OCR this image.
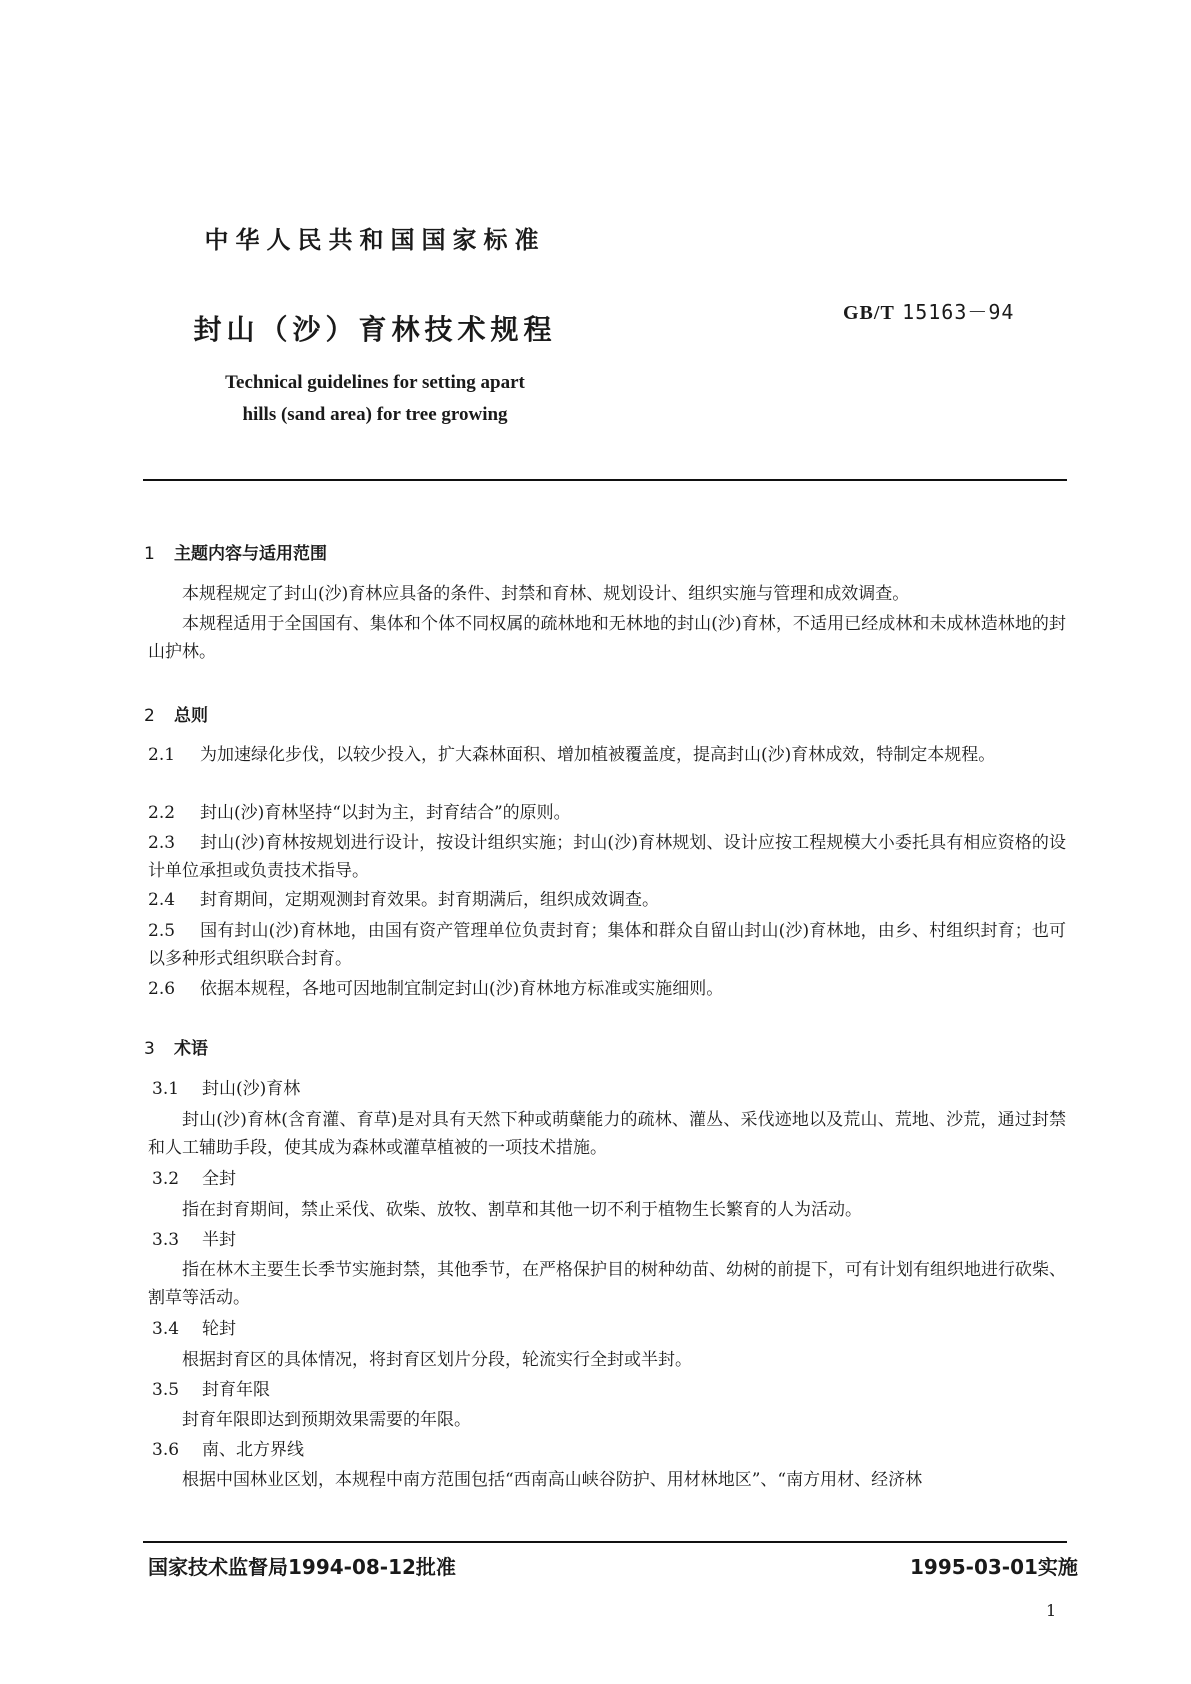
中华人民共和国国家标准
GB/T 15163－94
封山（沙）育林技术规程
Technical guidelines for setting apart
hills (sand area) for tree growing
1 主题内容与适用范围

本规程规定了封山(沙)育林应具备的条件、封禁和育林、规划设计、组织实施与管理和成效调查。

本规程适用于全国国有、集体和个体不同权属的疏林地和无林地的封山(沙)育林，不适用已经成林和未成林造林地的封山护林。

2 总则

2.1 为加速绿化步伐，以较少投入，扩大森林面积、增加植被覆盖度，提高封山(沙)育林成效，特制定本规程。

2.2 封山(沙)育林坚持“以封为主，封育结合”的原则。

2.3 封山(沙)育林按规划进行设计，按设计组织实施；封山(沙)育林规划、设计应按工程规模大小委托具有相应资格的设计单位承担或负责技术指导。

2.4 封育期间，定期观测封育效果。封育期满后，组织成效调查。

2.5 国有封山(沙)育林地，由国有资产管理单位负责封育；集体和群众自留山封山(沙)育林地，由乡、村组织封育；也可以多种形式组织联合封育。

2.6 依据本规程，各地可因地制宜制定封山(沙)育林地方标准或实施细则。

3 术语

3.1 封山(沙)育林

封山(沙)育林(含育灌、育草)是对具有天然下种或萌蘖能力的疏林、灌丛、采伐迹地以及荒山、荒地、沙荒，通过封禁和人工辅助手段，使其成为森林或灌草植被的一项技术措施。

3.2 全封

指在封育期间，禁止采伐、砍柴、放牧、割草和其他一切不利于植物生长繁育的人为活动。

3.3 半封

指在林木主要生长季节实施封禁，其他季节，在严格保护目的树种幼苗、幼树的前提下，可有计划有组织地进行砍柴、割草等活动。

3.4 轮封

根据封育区的具体情况，将封育区划片分段，轮流实行全封或半封。

3.5 封育年限

封育年限即达到预期效果需要的年限。

3.6 南、北方界线

根据中国林业区划，本规程中南方范围包括“西南高山峡谷防护、用材林地区”、“南方用材、经济林

国家技术监督局1994-08-12批准	1995-03-01实施
1
